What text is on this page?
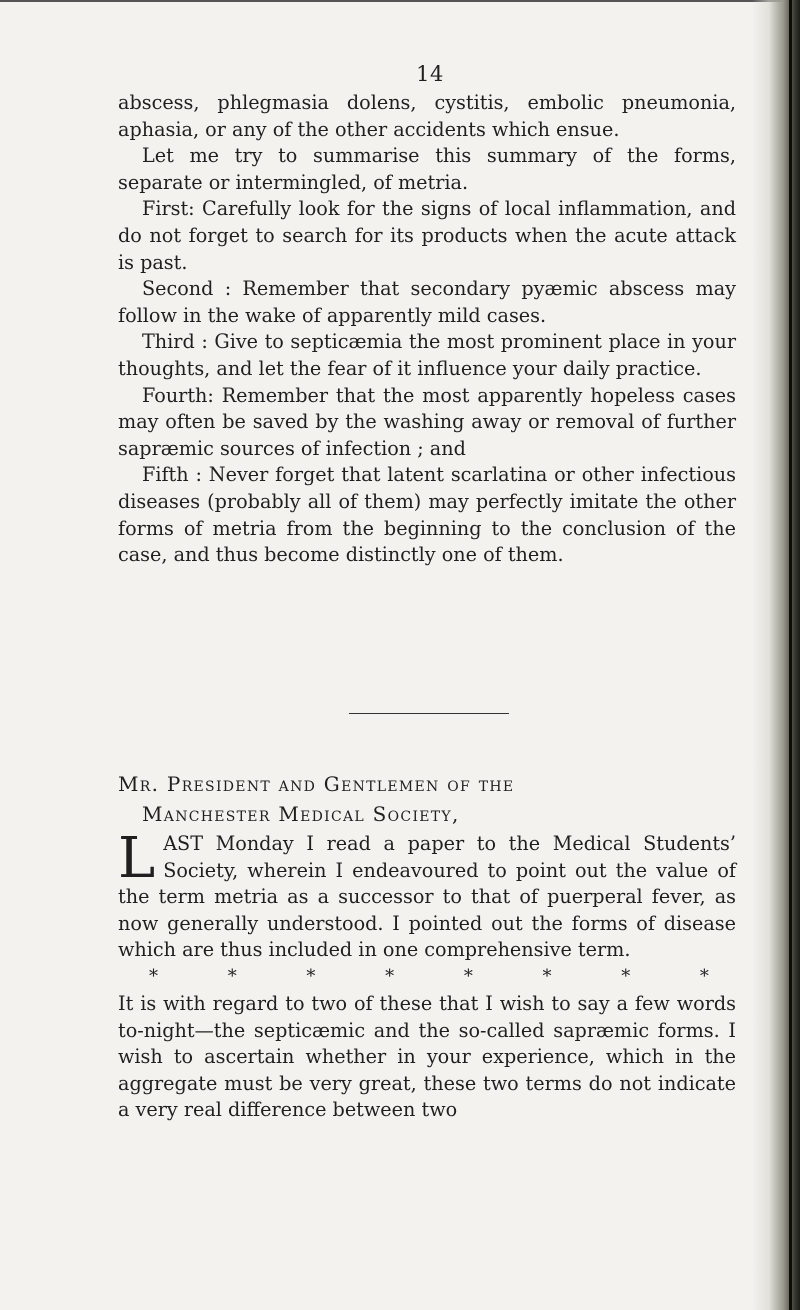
14

abscess, phlegmasia dolens, cystitis, embolic pneumonia, aphasia, or any of the other accidents which ensue.

Let me try to summarise this summary of the forms, separate or intermingled, of metria.

First: Carefully look for the signs of local inflammation, and do not forget to search for its products when the acute attack is past.

Second : Remember that secondary pyæmic abscess may follow in the wake of apparently mild cases.

Third : Give to septicæmia the most prominent place in your thoughts, and let the fear of it influence your daily practice.

Fourth: Remember that the most apparently hopeless cases may often be saved by the washing away or removal of further sapræmic sources of infection ; and

Fifth : Never forget that latent scarlatina or other infectious diseases (probably all of them) may perfectly imitate the other forms of metria from the beginning to the conclusion of the case, and thus become distinctly one of them.

Mr. President and Gentlemen of the
Manchester Medical Society,

LAST Monday I read a paper to the Medical Students’ Society, wherein I endeavoured to point out the value of the term metria as a successor to that of puerperal fever, as now generally understood. I pointed out the forms of disease which are thus included in one comprehensive term.

*	*	*	*	*	*	*	*

It is with regard to two of these that I wish to say a few words to-night—the septicæmic and the so-called sapræmic forms. I wish to ascertain whether in your experience, which in the aggregate must be very great, these two terms do not indicate a very real difference between two
